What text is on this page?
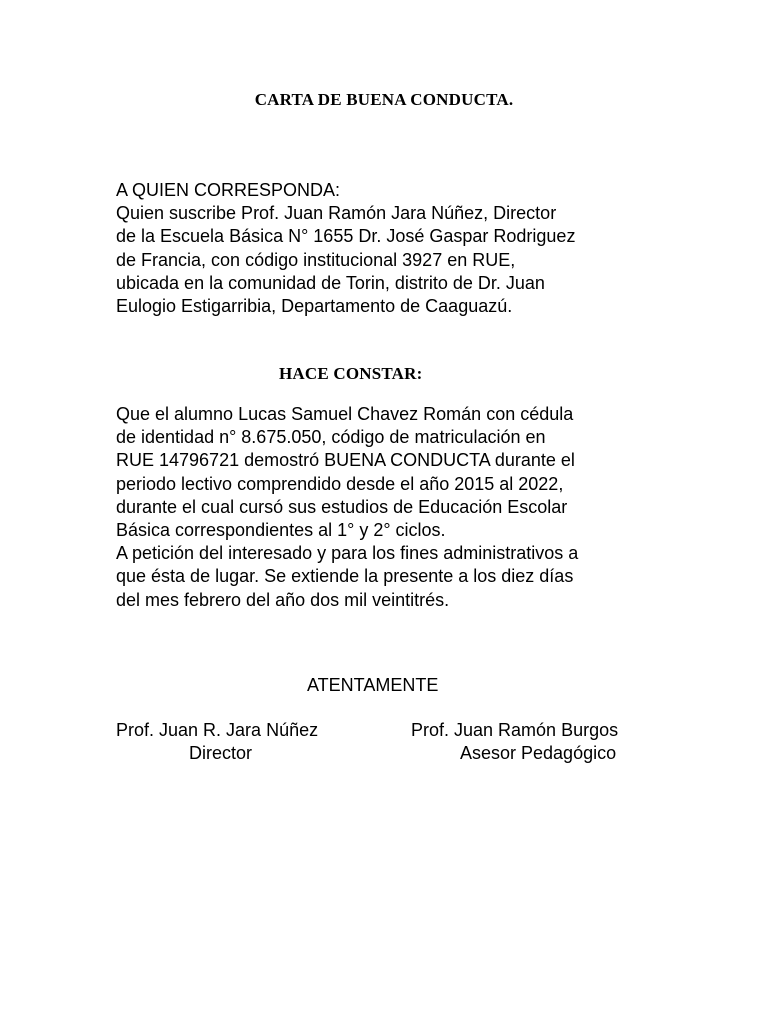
CARTA DE BUENA CONDUCTA.
A QUIEN CORRESPONDA:
Quien suscribe Prof. Juan Ramón Jara Núñez, Director
de la Escuela Básica N° 1655 Dr. José Gaspar Rodriguez
de Francia, con código institucional 3927 en RUE,
ubicada en la comunidad de Torin, distrito de Dr. Juan
Eulogio Estigarribia, Departamento de Caaguazú.
HACE CONSTAR:
Que el alumno Lucas Samuel Chavez Román con cédula
de identidad n° 8.675.050, código de matriculación en
RUE 14796721 demostró BUENA CONDUCTA durante el
periodo lectivo comprendido desde el año 2015 al 2022,
durante el cual cursó sus estudios de Educación Escolar
Básica correspondientes al 1° y 2° ciclos.
A petición del interesado y para los fines administrativos a
que ésta de lugar. Se extiende la presente a los diez días
del mes febrero del año dos mil veintitrés.
ATENTAMENTE
Prof. Juan R. Jara Núñez
Director
Prof. Juan Ramón Burgos
Asesor Pedagógico
